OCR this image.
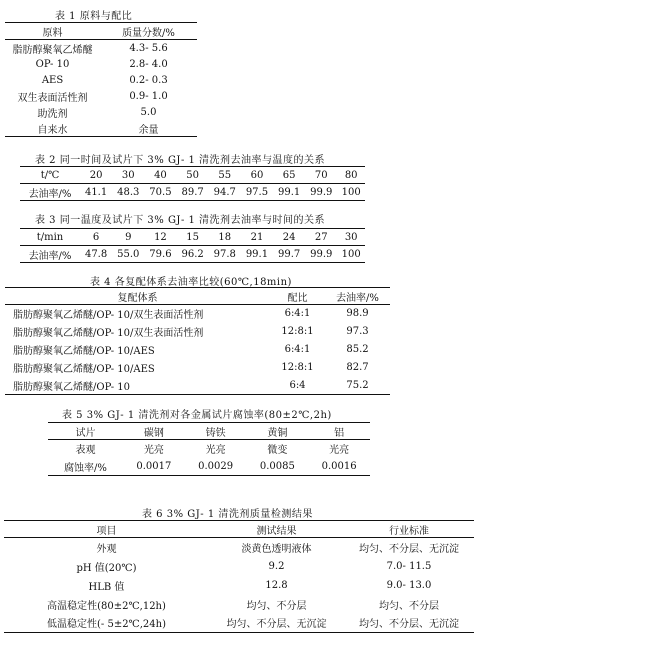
表 1 原料与配比
原料	质量分数/%
脂肪醇聚氧乙烯醚	4.3- 5.6
OP- 10	2.8- 4.0
AES	0.2- 0.3
双生表面活性剂	0.9- 1.0
助洗剂	5.0
自来水	余量
表 2 同一时间及试片下 3% GJ- 1 清洗剂去油率与温度的关系
t/℃	20	30	40	50	55	60	65	70	80
去油率/%	41.1	48.3	70.5	89.7	94.7	97.5	99.1	99.9	100
表 3 同一温度及试片下 3% GJ- 1 清洗剂去油率与时间的关系
t/min	6	9	12	15	18	21	24	27	30
去油率/%	47.8	55.0	79.6	96.2	97.8	99.1	99.7	99.9	100
表 4 各复配体系去油率比较(60℃,18min)
复配体系	配比	去油率/%
脂肪醇聚氧乙烯醚/OP- 10/双生表面活性剂	6:4:1	98.9
脂肪醇聚氧乙烯醚/OP- 10/双生表面活性剂	12:8:1	97.3
脂肪醇聚氧乙烯醚/OP- 10/AES	6:4:1	85.2
脂肪醇聚氧乙烯醚/OP- 10/AES	12:8:1	82.7
脂肪醇聚氧乙烯醚/OP- 10	6:4	75.2
表 5 3% GJ- 1 清洗剂对各金属试片腐蚀率(80±2℃,2h)
试片	碳钢	铸铁	黄铜	铝
表观	光亮	光亮	微变	光亮
腐蚀率/%	0.0017	0.0029	0.0085	0.0016
表 6 3% GJ- 1 清洗剂质量检测结果
项目	测试结果	行业标准
外观	淡黄色透明液体	均匀、不分层、无沉淀
pH 值(20℃)	9.2	7.0- 11.5
HLB 值	12.8	9.0- 13.0
高温稳定性(80±2℃,12h)	均匀、不分层	均匀、不分层
低温稳定性(- 5±2℃,24h)	均匀、不分层、无沉淀	均匀、不分层、无沉淀
